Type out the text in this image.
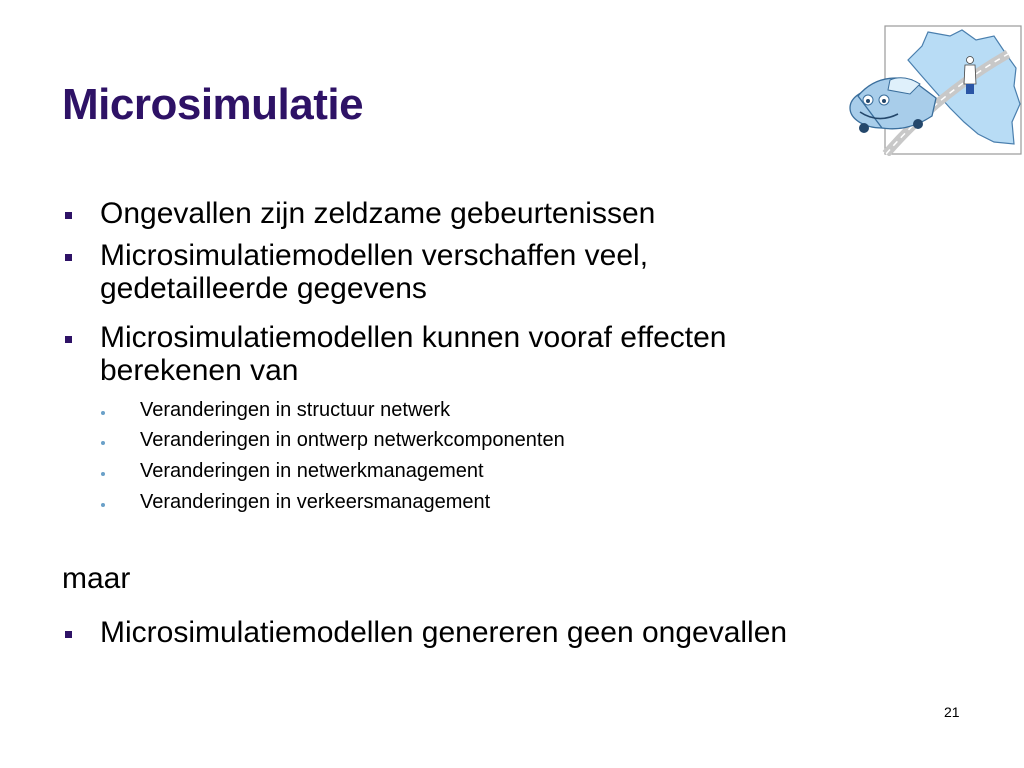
Microsimulatie
Ongevallen zijn zeldzame gebeurtenissen
Microsimulatiemodellen verschaffen veel,
gedetailleerde gegevens
Microsimulatiemodellen kunnen vooraf effecten
berekenen van
Veranderingen in structuur netwerk
Veranderingen in ontwerp netwerkcomponenten
Veranderingen in netwerkmanagement
Veranderingen in verkeersmanagement
maar
Microsimulatiemodellen genereren geen ongevallen
21
